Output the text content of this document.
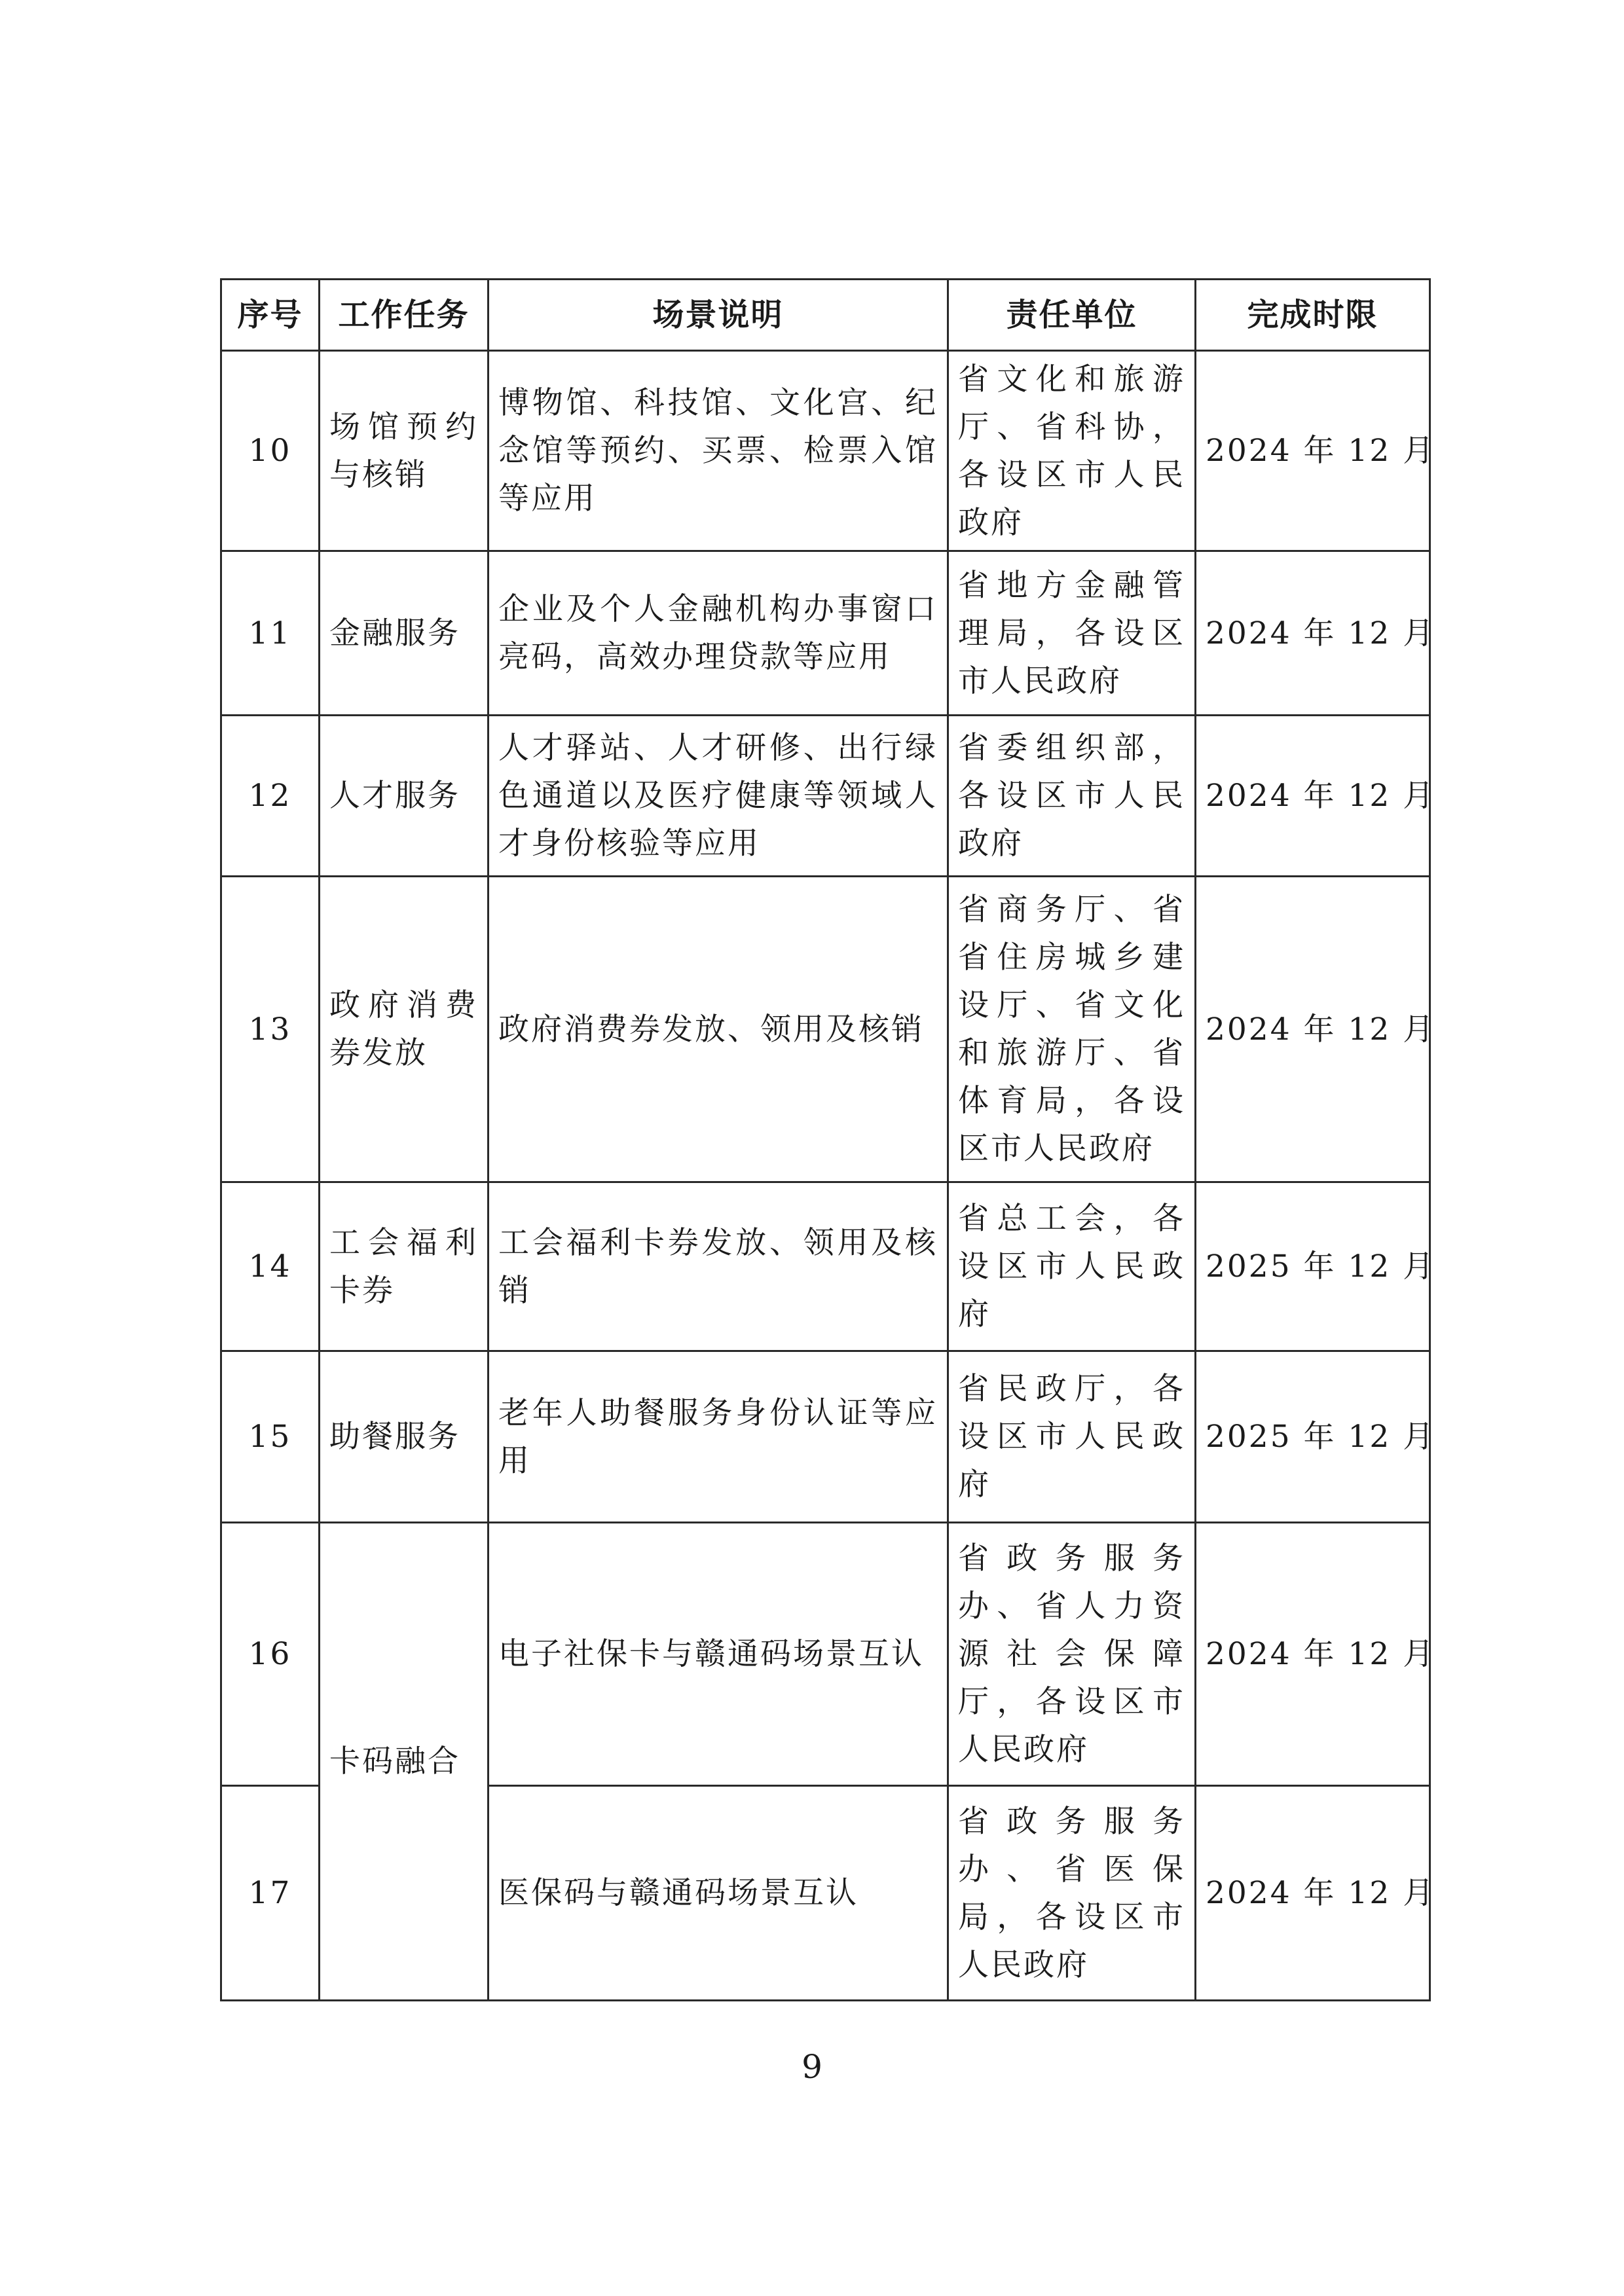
序号	工作任务	场景说明	责任单位	完成时限
10	场馆预约与核销	博物馆、科技馆、文化宫、纪念馆等预约、买票、检票入馆等应用	省文化和旅游厅、省科协，各设区市人民政府	2024 年 12 月
11	金融服务	企业及个人金融机构办事窗口亮码，高效办理贷款等应用	省地方金融管理局，各设区市人民政府	2024 年 12 月
12	人才服务	人才驿站、人才研修、出行绿色通道以及医疗健康等领域人才身份核验等应用	省委组织部，各设区市人民政府	2024 年 12 月
13	政府消费券发放	政府消费券发放、领用及核销	省商务厅、省省住房城乡建设厅、省文化和旅游厅、省体育局，各设区市人民政府	2024 年 12 月
14	工会福利卡券	工会福利卡券发放、领用及核销	省总工会，各设区市人民政府	2025 年 12 月
15	助餐服务	老年人助餐服务身份认证等应用	省民政厅，各设区市人民政府	2025 年 12 月
16	卡码融合	电子社保卡与赣通码场景互认	省政务服务办、省人力资源社会保障厅，各设区市人民政府	2024 年 12 月
17		医保码与赣通码场景互认	省政务服务办、省医保局，各设区市人民政府	2024 年 12 月
9
